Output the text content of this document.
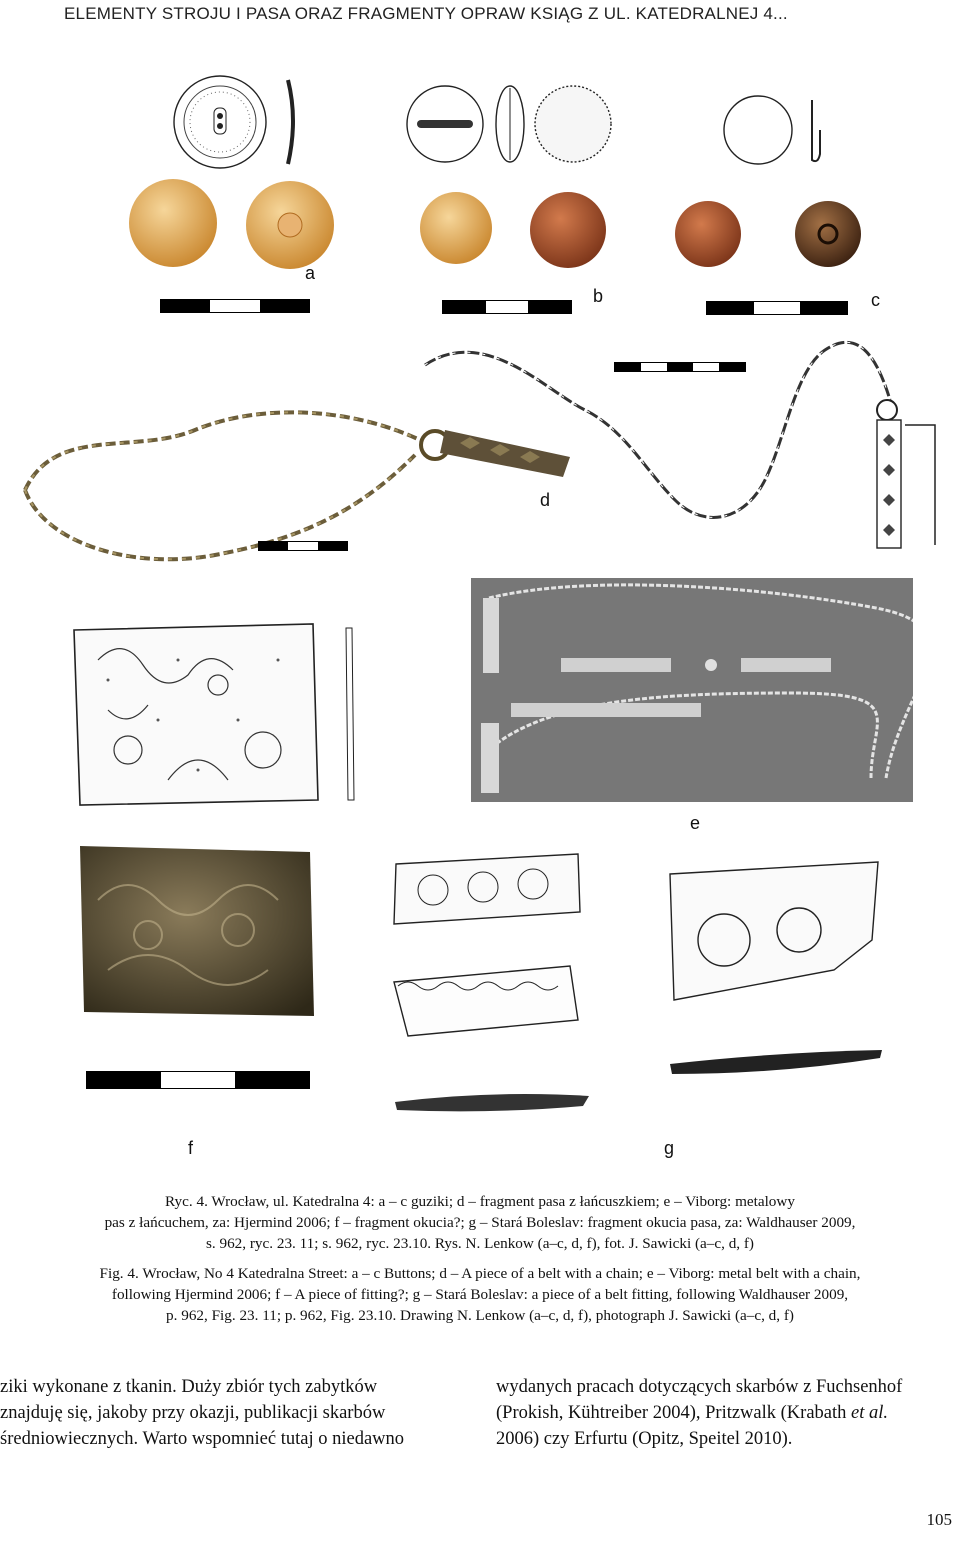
ELEMENTY STROJU I PASA ORAZ FRAGMENTY OPRAW KSIĄG Z UL. KATEDRALNEJ 4...
a
b	c
d
e
f	g
Ryc. 4. Wrocław, ul. Katedralna 4: a – c guziki; d – fragment pasa z łańcuszkiem; e – Viborg: metalowy
pas z łańcuchem, za: Hjermind 2006; f – fragment okucia?; g – Stará Boleslav: fragment okucia pasa, za: Waldhauser 2009,
s. 962, ryc. 23. 11; s. 962, ryc. 23.10. Rys. N. Lenkow (a–c, d, f), fot. J. Sawicki (a–c, d, f)
Fig. 4. Wrocław, No 4 Katedralna Street: a – c Buttons; d – A piece of a belt with a chain; e – Viborg: metal belt with a chain,
following Hjermind 2006; f – A piece of fitting?; g – Stará Boleslav: a piece of a belt fitting, following Waldhauser 2009,
p. 962, Fig. 23. 11; p. 962, Fig. 23.10. Drawing N. Lenkow (a–c, d, f), photograph J. Sawicki (a–c, d, f)
ziki wykonane z tkanin. Duży zbiór tych zabytków
znajduję się, jakoby przy okazji, publikacji skarbów
średniowiecznych. Warto wspomnieć tutaj o niedawno
wydanych pracach dotyczących skarbów z Fuchsenhof
(Prokish, Kühtreiber 2004), Pritzwalk (Krabath et al.
2006) czy Erfurtu (Opitz, Speitel 2010).
105
